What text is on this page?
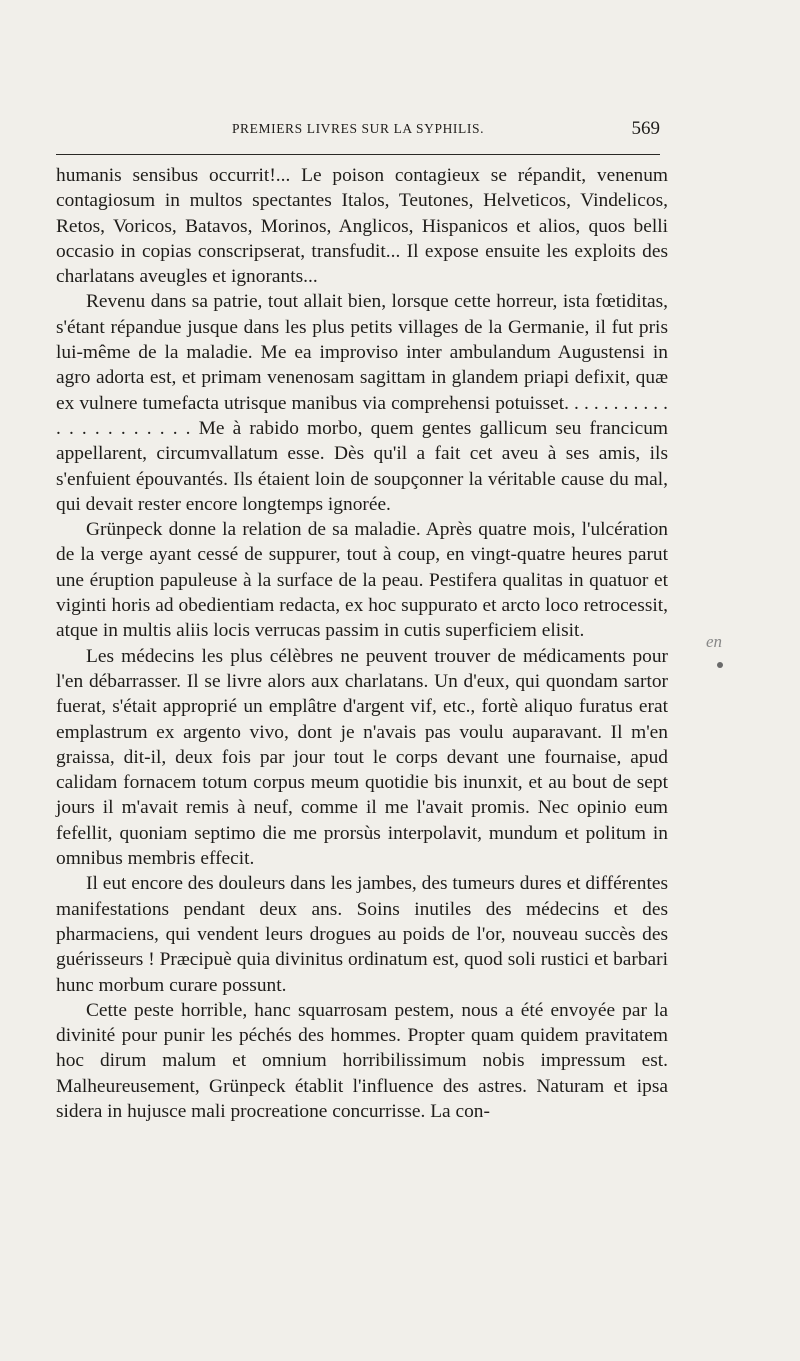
PREMIERS LIVRES SUR LA SYPHILIS.	569

humanis sensibus occurrit!... Le poison contagieux se répandit, venenum contagiosum in multos spectantes Italos, Teutones, Helveticos, Vindelicos, Retos, Voricos, Batavos, Morinos, Anglicos, Hispanicos et alios, quos belli occasio in copias conscripserat, transfudit... Il expose ensuite les exploits des charlatans aveugles et ignorants...

Revenu dans sa patrie, tout allait bien, lorsque cette horreur, ista fœtiditas, s'étant répandue jusque dans les plus petits villages de la Germanie, il fut pris lui-même de la maladie. Me ea improviso inter ambulandum Augustensi in agro adorta est, et primam venenosam sagittam in glandem priapi defixit, quæ ex vulnere tumefacta utrisque manibus via comprehensi potuisset. . . . . . . . . . . . . . . . . . . . . . Me à rabido morbo, quem gentes gallicum seu francicum appellarent, circumvallatum esse. Dès qu'il a fait cet aveu à ses amis, ils s'enfuient épouvantés. Ils étaient loin de soupçonner la véritable cause du mal, qui devait rester encore longtemps ignorée.

Grünpeck donne la relation de sa maladie. Après quatre mois, l'ulcération de la verge ayant cessé de suppurer, tout à coup, en vingt-quatre heures parut une éruption papuleuse à la surface de la peau. Pestifera qualitas in quatuor et viginti horis ad obedientiam redacta, ex hoc suppurato et arcto loco retrocessit, atque in multis aliis locis verrucas passim in cutis superficiem elisit.

Les médecins les plus célèbres ne peuvent trouver de médicaments pour l'en débarrasser. Il se livre alors aux charlatans. Un d'eux, qui quondam sartor fuerat, s'était approprié un emplâtre d'argent vif, etc., fortè aliquo furatus erat emplastrum ex argento vivo, dont je n'avais pas voulu auparavant. Il m'en graissa, dit-il, deux fois par jour tout le corps devant une fournaise, apud calidam fornacem totum corpus meum quotidie bis inunxit, et au bout de sept jours il m'avait remis à neuf, comme il me l'avait promis. Nec opinio eum fefellit, quoniam septimo die me prorsùs interpolavit, mundum et politum in omnibus membris effecit.

Il eut encore des douleurs dans les jambes, des tumeurs dures et différentes manifestations pendant deux ans. Soins inutiles des médecins et des pharmaciens, qui vendent leurs drogues au poids de l'or, nouveau succès des guérisseurs ! Præcipuè quia divinitus ordinatum est, quod soli rustici et barbari hunc morbum curare possunt.

Cette peste horrible, hanc squarrosam pestem, nous a été envoyée par la divinité pour punir les péchés des hommes. Propter quam quidem pravitatem hoc dirum malum et omnium horribilissimum nobis impressum est. Malheureusement, Grünpeck établit l'influence des astres. Naturam et ipsa sidera in hujusce mali procreatione concurrisse. La con-

en
